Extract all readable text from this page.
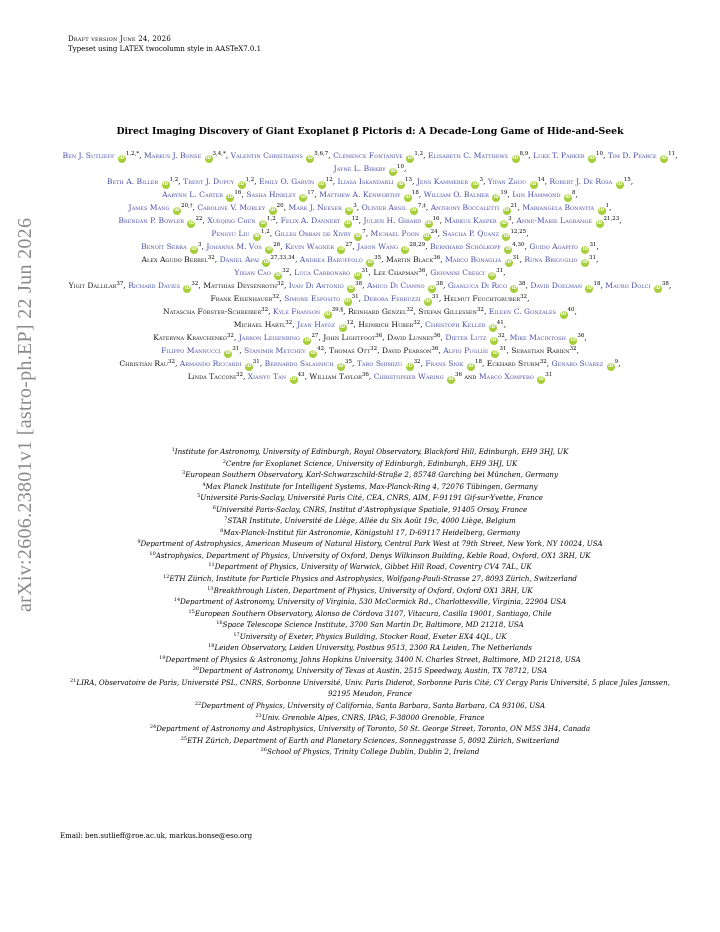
arXiv:2606.23801v1 [astro-ph.EP] 22 Jun 2026
Draft version June 24, 2026
Typeset using LATEX twocolumn style in AASTeX7.0.1
Direct Imaging Discovery of Giant Exoplanet β Pictoris d: A Decade-Long Game of Hide-and-Seek
Ben J. Sutlieff $iD^{1,2,*}$, Markus J. Bonse $iD^{3,4,*}$, Valentin Christiaens iD$^{5,6,7}$, Clémence Fontanive iD$^{1,2}$, Elisabeth C. Matthews iD$^{8,9}$, Luke T. Parker $iD^{10}$, Tim D. Pearce $iD^{11}$, Jayne L. Birkby $iD^{10}$,
Beth A. Biller iD$^{1,2}$, Trent J. Dupuy iD$^{1,2}$, Emily O. Garvin $iD^{12}$, Iliasa Iskandarli $iD^{13}$, Jens Kammerer $iD^3$, Yifan Zhou $iD^{14}$, Robert J. De Rosa $iD^{15}$,
Aarynn L. Carter $iD^{16}$, Sasha Hinkley $iD^{17}$, Matthew A. Kenworthy $iD^{18}$, William O. Balmer $iD^{19}$, Iain Hammond $iD^8$,
James Mang $iD^{20,\dagger}$, Caroline V. Morley $iD^{20}$, Mark J. Neeser $iD^3$, Olivier Absil $iD^{7,\ddagger}$, Anthony Boccaletti $iD^{21}$, Mariangela Bonavita $iD^1$,
Brendan P. Bowler $iD^{22}$, Xueqing Chen iD$^{1,2}$, Felix A. Dannert $iD^{12}$, Julien H. Girard $iD^{16}$, Markus Kasper $iD^3$, Anne-Marie Lagrange iD$^{21,23}$,
Pengyu Liu iD$^{1,2}$, Gilles Orban de Xivry $iD^7$, Michael Poon $iD^{24}$, Sascha P. Quanz iD$^{12,25}$,
Benoît Serra $iD^3$, Johanna M. Vos $iD^{26}$, Kevin Wagner $iD^{27}$, Jason Wang iD$^{28,29}$, Bernhard Schölkopf iD$^{4,30}$, Guido Agapito $iD^{31}$,
Alex Agudo Berbel$^{32}$, Dániel Apai iD$^{27,33,34}$, Andrea Baruffolo $iD^{35}$, Martin Black$^{36}$, Marco Bonaglia $iD^{31}$, Runa Briguglio $iD^{31}$,
Yixian Cao $iD^{32}$, Luca Carbonaro $iD^{31}$, Lee Chapman$^{36}$, Giovanni Cresci $iD^{31}$,
Yigit Dallilar$^{37}$, Richard Davies $iD^{32}$, Matthias Deysenroth$^{32}$, Ivan Di Antonio $iD^{38}$, Amico Di Cianno $iD^{38}$, Gianluca Di Rico $iD^{38}$, David Doelman $iD^{18}$, Mauro Dolci $iD^{38}$,
Frank Eisenhauer$^{32}$, Simone Esposito $iD^{31}$, Debora Ferruzzi $iD^{31}$, Helmut Feuchtgruber$^{32}$,
Natascha Förster-Schreiber$^{32}$, Kyle Franson $iD^{39,\S}$, Reinhard Genzel$^{32}$, Stefan Gillessen$^{32}$, Eileen C. Gonzales $iD^{40}$,
Michael Hartl$^{32}$, Jean Hayoz $iD^{12}$, Heinrich Huber$^{32}$, Christoph Keller $iD^{41}$,
Kateryna Kravchenko$^{32}$, Jarron Leisenring $iD^{27}$, John Lightfoot$^{36}$, David Lunney$^{36}$, Dieter Lutz $iD^{32}$, Mike Macintosh $iD^{36}$,
Filippo Mannucci $iD^{31}$, Stanimir Metchev $iD^{42}$, Thomas Ott$^{32}$, David Pearson$^{36}$, Alfio Puglisi $iD^{31}$, Sebastian Rabien$^{32}$,
Christian Rau$^{32}$, Armando Riccardi $iD^{31}$, Bernardo Salasnich $iD^{35}$, Taro Shimizu $iD^{32}$, Frans Snik $iD^{18}$, Eckhard Sturm$^{32}$, Genaro Suárez $iD^9$,
Linda Tacconi$^{32}$, Xianyu Tan $iD^{43}$, William Taylor$^{36}$, Christopher Waring $iD^{36}$ and Marco Xompero $iD^{31}$
$^1$Institute for Astronomy, University of Edinburgh, Royal Observatory, Blackford Hill, Edinburgh, EH9 3HJ, UK
$^2$Centre for Exoplanet Science, University of Edinburgh, Edinburgh, EH9 3HJ, UK
$^3$European Southern Observatory, Karl-Schwarzschild-Straße 2, 85748 Garching bei München, Germany
$^4$Max Planck Institute for Intelligent Systems, Max-Planck-Ring 4, 72076 Tübingen, Germany
$^5$Université Paris-Saclay, Université Paris Cité, CEA, CNRS, AIM, F-91191 Gif-sur-Yvette, France
$^6$Université Paris-Saclay, CNRS, Institut d’Astrophysique Spatiale, 91405 Orsay, France
$^7$STAR Institute, Université de Liège, Allée du Six Août 19c, 4000 Liège, Belgium
$^8$Max-Planck-Institut für Astronomie, Königstuhl 17, D-69117 Heidelberg, Germany
$^9$Department of Astrophysics, American Museum of Natural History, Central Park West at 79th Street, New York, NY 10024, USA
$^{10}$Astrophysics, Department of Physics, University of Oxford, Denys Wilkinson Building, Keble Road, Oxford, OX1 3RH, UK
$^{11}$Department of Physics, University of Warwick, Gibbet Hill Road, Coventry CV4 7AL, UK
$^{12}$ETH Zürich, Institute for Particle Physics and Astrophysics, Wolfgang-Pauli-Strasse 27, 8093 Zürich, Switzerland
$^{13}$Breakthrough Listen, Department of Physics, University of Oxford, Oxford OX1 3RH, UK
$^{14}$Department of Astronomy, University of Virginia, 530 McCormick Rd., Charlottesville, Virginia, 22904 USA
$^{15}$European Southern Observatory, Alonso de Córdova 3107, Vitacura, Casilla 19001, Santiago, Chile
$^{16}$Space Telescope Science Institute, 3700 San Martin Dr, Baltimore, MD 21218, USA
$^{17}$University of Exeter, Physics Building, Stocker Road, Exeter EX4 4QL, UK
$^{18}$Leiden Observatory, Leiden University, Postbus 9513, 2300 RA Leiden, The Netherlands
$^{19}$Department of Physics & Astronomy, Johns Hopkins University, 3400 N. Charles Street, Baltimore, MD 21218, USA
$^{20}$Department of Astronomy, University of Texas at Austin, 2515 Speedway, Austin, TX 78712, USA
$^{21}$LIRA, Observatoire de Paris, Université PSL, CNRS, Sorbonne Université, Univ. Paris Diderot, Sorbonne Paris Cité, CY Cergy Paris Université, 5 place Jules Janssen, 92195 Meudon, France
$^{22}$Department of Physics, University of California, Santa Barbara, Santa Barbara, CA 93106, USA
$^{23}$Univ. Grenoble Alpes, CNRS, IPAG, F-38000 Grenoble, France
$^{24}$Department of Astronomy and Astrophysics, University of Toronto, 50 St. George Street, Toronto, ON M5S 3H4, Canada
$^{25}$ETH Zürich, Department of Earth and Planetary Sciences, Sonneggstrasse 5, 8092 Zürich, Switzerland
$^{26}$School of Physics, Trinity College Dublin, Dublin 2, Ireland
Email: ben.sutlieff@roe.ac.uk, markus.bonse@eso.org
